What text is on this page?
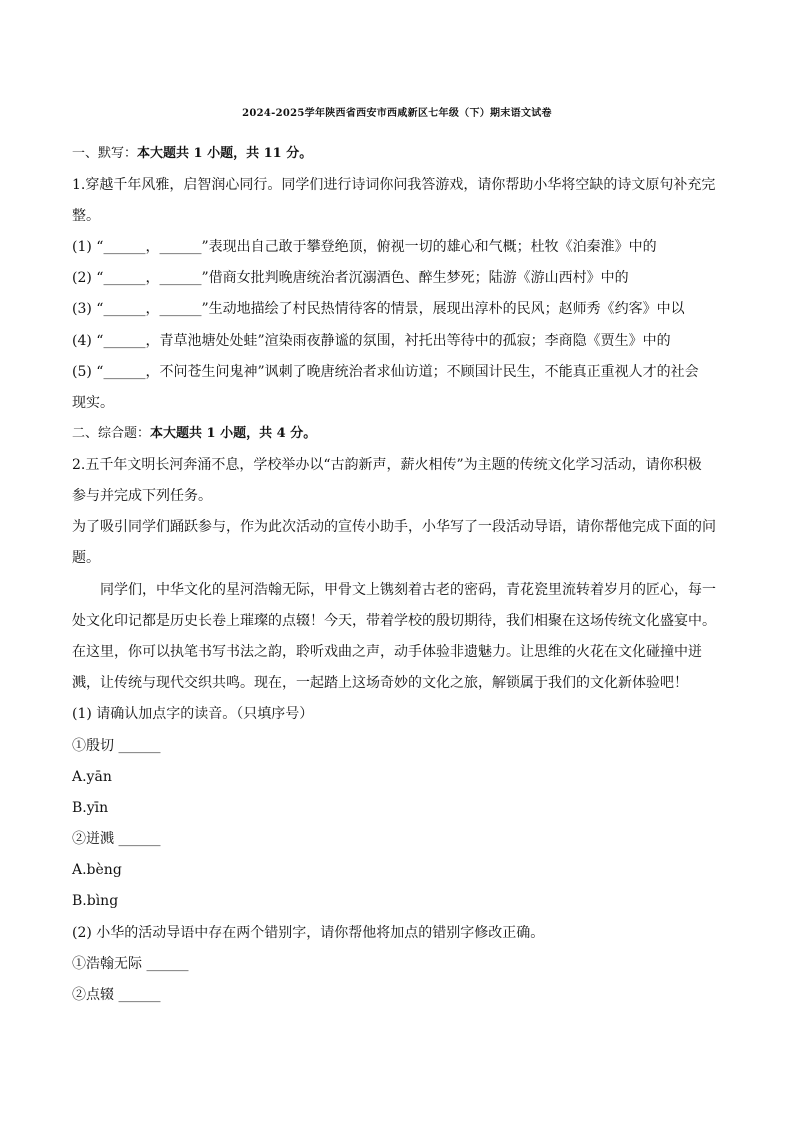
2024-2025学年陕西省西安市西咸新区七年级（下）期末语文试卷
一、默写：本大题共 1 小题，共 11 分。
1.穿越千年风雅，启智润心同行。同学们进行诗词你问我答游戏，请你帮助小华将空缺的诗文原句补充完
整。
(1) “______，______”表现出自己敢于攀登绝顶，俯视一切的雄心和气概；杜牧《泊秦淮》中的
(2) “______，______”借商女批判晚唐统治者沉溺酒色、醉生梦死；陆游《游山西村》中的
(3) “______，______”生动地描绘了村民热情待客的情景，展现出淳朴的民风；赵师秀《约客》中以
(4) “______，青草池塘处处蛙”渲染雨夜静谧的氛围，衬托出等待中的孤寂；李商隐《贾生》中的
(5) “______，不问苍生问鬼神”讽刺了晚唐统治者求仙访道；不顾国计民生，不能真正重视人才的社会
现实。
二、综合题：本大题共 1 小题，共 4 分。
2.五千年文明长河奔涌不息，学校举办以“古韵新声，薪火相传”为主题的传统文化学习活动，请你积极
参与并完成下列任务。
为了吸引同学们踊跃参与，作为此次活动的宣传小助手，小华写了一段活动导语，请你帮他完成下面的问
题。
同学们，中华文化的星河浩翰无际，甲骨文上镌刻着古老的密码，青花瓷里流转着岁月的匠心，每一
处文化印记都是历史长卷上璀璨的点辍！今天，带着学校的殷切期待，我们相聚在这场传统文化盛宴中。
在这里，你可以执笔书写书法之韵，聆听戏曲之声，动手体验非遗魅力。让思维的火花在文化碰撞中迸
溅，让传统与现代交织共鸣。现在，一起踏上这场奇妙的文化之旅，解锁属于我们的文化新体验吧！
(1) 请确认加点字的读音。（只填序号）
①殷切 ______
A.yān
B.yīn
②迸溅 ______
A.bèng
B.bìng
(2) 小华的活动导语中存在两个错别字，请你帮他将加点的错别字修改正确。
①浩翰无际 ______
②点辍 ______
